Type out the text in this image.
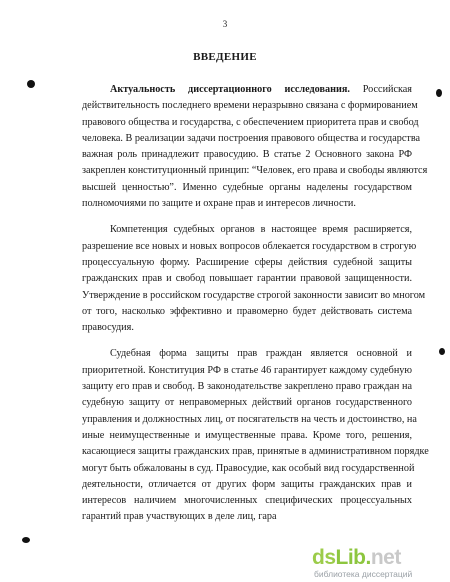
3
ВВЕДЕНИЕ
Актуальность диссертационного исследования. Российская
действительность последнего времени неразрывно связана с формированием
правового общества и государства, с обеспечением приоритета прав и свобод
человека. В реализации задачи построения правового общества и государства
важная роль принадлежит правосудию. В статье 2 Основного закона РФ
закреплен конституционный принцип: “Человек, его права и свободы являются
высшей ценностью”. Именно судебные органы наделены государством
полномочиями по защите и охране прав и интересов личности.
Компетенция судебных органов в настоящее время расширяется,
разрешение все новых и новых вопросов облекается государством в строгую
процессуальную форму. Расширение сферы действия судебной защиты
гражданских прав и свобод повышает гарантии правовой защищенности.
Утверждение в российском государстве строгой законности зависит во многом
от того, насколько эффективно и правомерно будет действовать система
правосудия.
Судебная форма защиты прав граждан является основной и
приоритетной. Конституция РФ в статье 46 гарантирует каждому судебную
защиту его прав и свобод. В законодательстве закреплено право граждан на
судебную защиту от неправомерных действий органов государственного
управления и должностных лиц, от посягательств на честь и достоинство, на
иные неимущественные и имущественные права. Кроме того, решения,
касающиеся защиты гражданских прав, принятые в административном порядке
могут быть обжалованы в суд. Правосудие, как особый вид государственной
деятельности, отличается от других форм защиты гражданских прав и
интересов наличием многочисленных специфических процессуальных
гарантий прав участвующих в деле лиц, гара
dsLib.net
библиотека диссертаций
